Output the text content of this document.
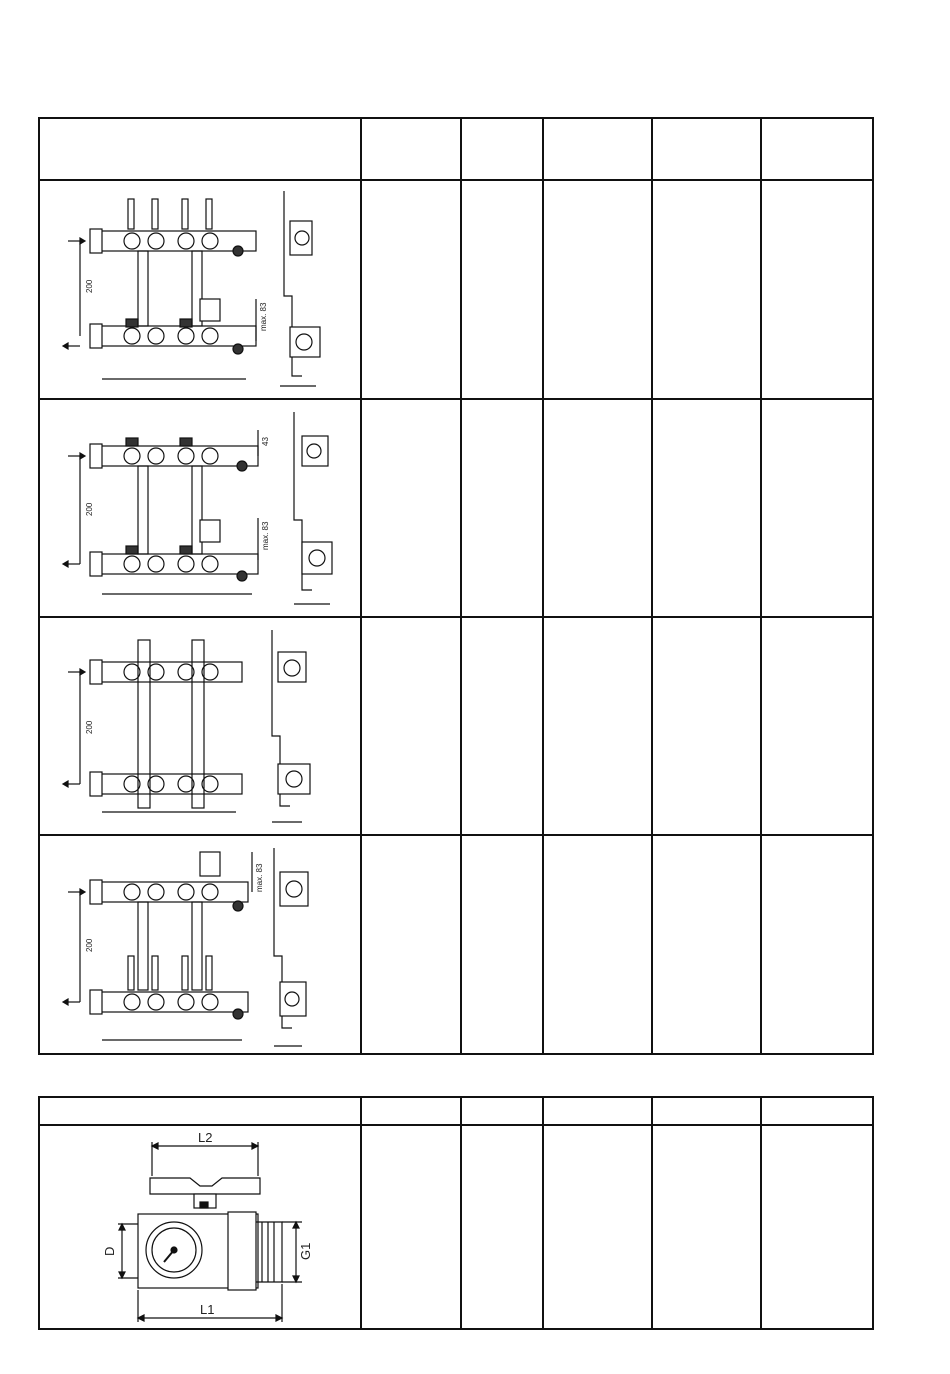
200
max. 83					

200
43
max. 83					

200					

200
max. 83					

L2
L1
D G1					
